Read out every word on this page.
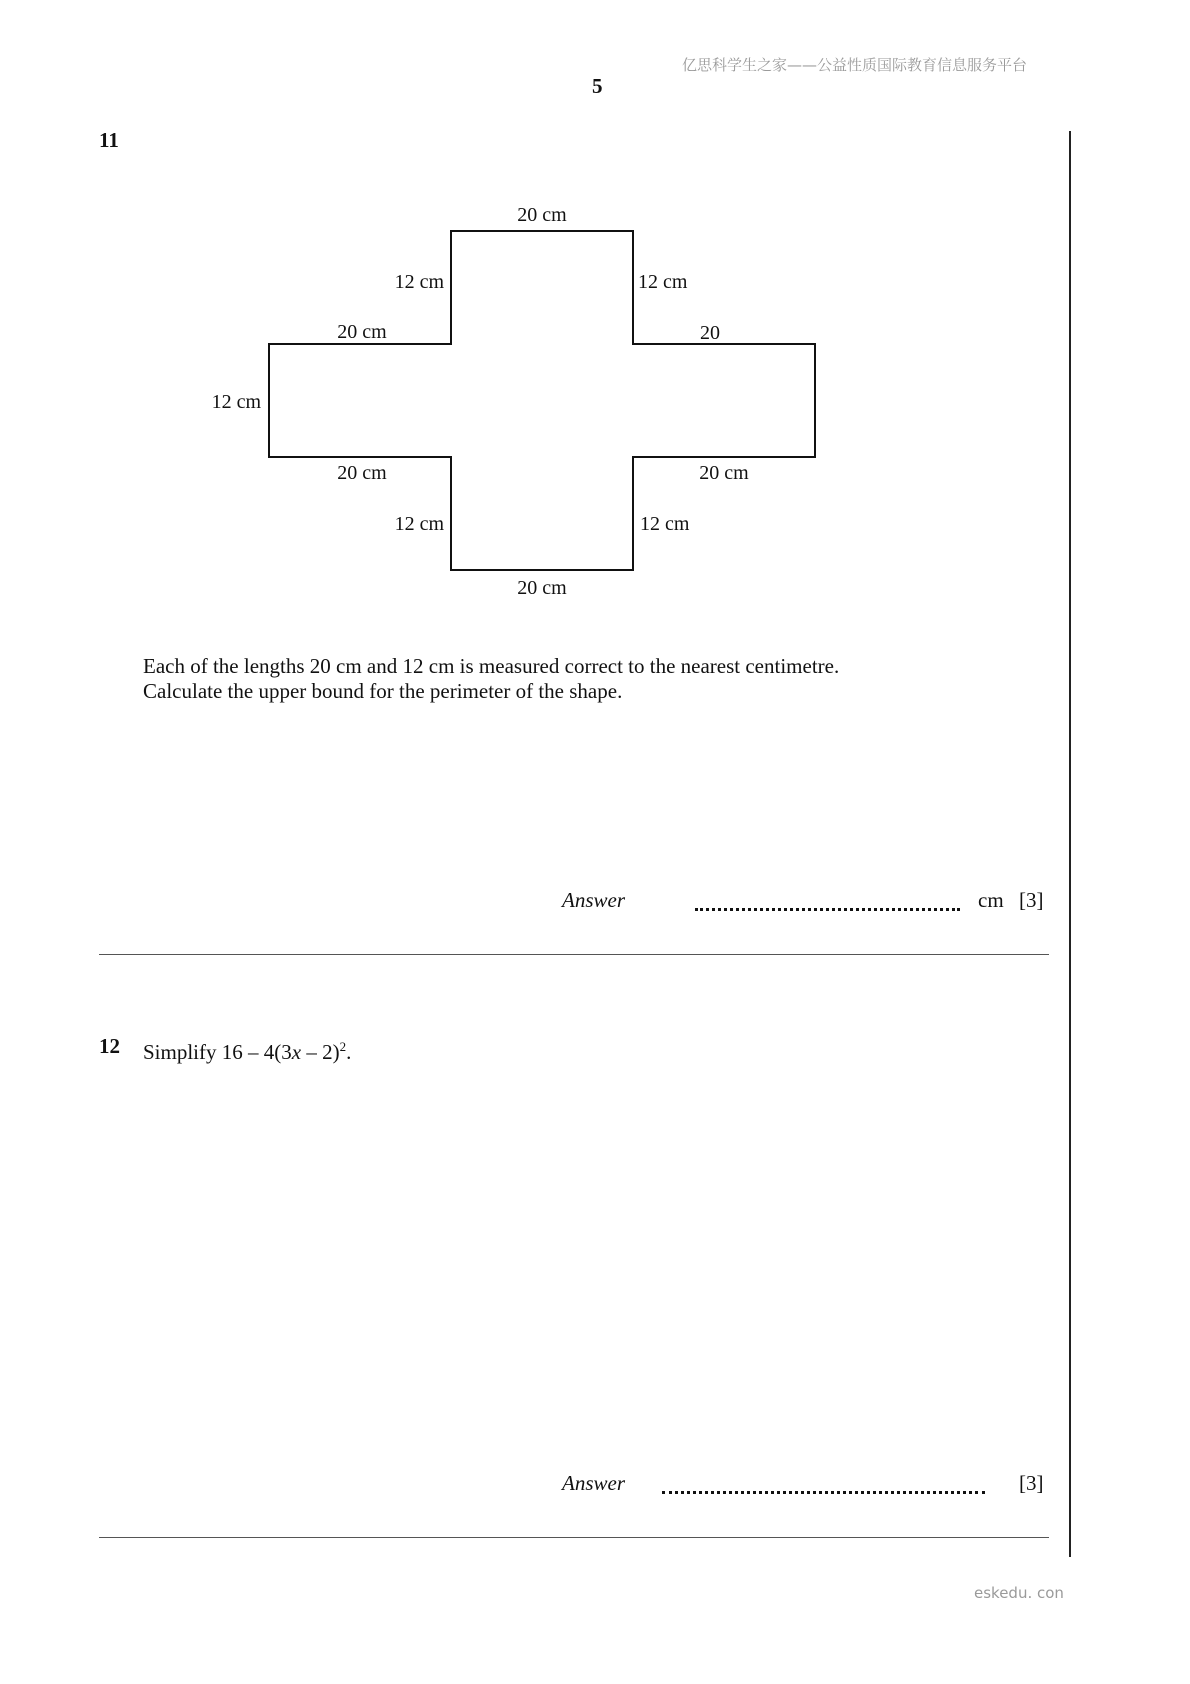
亿思科学生之家——公益性质国际教育信息服务平台
5
11
20 cm
12 cm	12 cm
20 cm	20
12 cm
20 cm	20 cm
12 cm	12 cm
20 cm
Each of the lengths 20 cm and 12 cm is measured correct to the nearest centimetre.
Calculate the upper bound for the perimeter of the shape.
Answer	cm [3]
12 Simplify 16 – 4(3x – 2)$^2$.
Answer	[3]
eskedu. con
